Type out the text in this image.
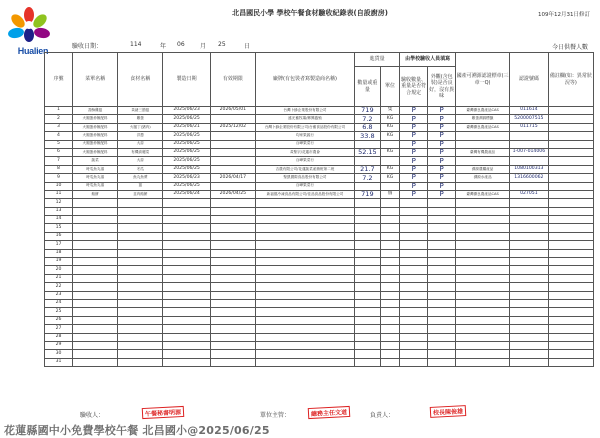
Hualien
北昌國民小學 學校午餐食材驗收紀錄表(自設廚房)	109年12月31日修訂
驗收日期：	114	年 06	月 25	日	今日供餐人數
序號	菜單名稱	食材名稱	製造日期	有效期限	廠牌(有包裝者寫製造商名稱)	進貨量		由學校驗收人員填寫		國產可溯源認證標章(三章一Q)	認證號碼	備註欄(如：異常狀況等)
						數量或重量	單位	驗收數量、重量是否符合規定	外觀(含包裝)是否良好，沒有異味			
1	香酥雞翅	黃豬三節翅	2025/06/23	2026/05/01	台灣卜蜂企業股份有限公司	719	隻	P	P	臺灣優良農產品CAS	011614	
2	火腿蛋炒飯配料	雞蛋	2025/06/25		盛光畜牧場/鄉興養殖	7.2	KG	P	P	雞蛋溯源標籤	5200007515	
3	火腿蛋炒飯配料	火腿丁(猪肉)	2025/06/21	2025/12/02	台灣卜蜂企業股份有限公司/台畜食品股份有限公司	6.8	KG	P	P	臺灣優良農產品CAS	011715	
4	火腿蛋炒飯配料	洋蔥	2025/06/25		均家果蔬行	33.8	KG	P	P			
5	火腿蛋炒飯配料	大蒜	2025/06/25		百峰果菜行			P	P			
6	火腿蛋炒飯配料	有機高麗菜	2025/06/25		黃聖宗/花蓮市農會	52.15	KG	P	P	臺灣有機農產品	1-007-014006	
7	蔬菜	大蒜	2025/06/25		百峰果菜行			P	P			
8	時瓜魚丸湯	冬瓜	2025/06/25		吉農有限公司/花蓮蔬菜產銷班第二班	21.7	KG	P	P	溯源農糧產品	1080100313	
9	時瓜魚丸湯	魚丸魚漿	2025/06/23	2026/04/17	聖凱國際食品股份有限公司	7.2	KG	P	P	溯源水產品	1316600062	
10	時瓜魚丸湯	薑	2025/06/25		百峰果菜行			P	P			
11	餡餅	韭肉餡餅	2025/06/24	2026/04/25	新福德冷凍食品有限公司/佳品食品股份有限公司	719	個	P	P	臺灣優良農產品CAS	027051	
12												
13												
14												
15												
16												
17												
18												
19												
20												
21												
22												
23												
24												
25												
26												
27												
28												
29												
30												
31												
驗收人：	午餐秘書明源	單位主管：	總務主任文道	負責人：	校長陳俊雄
花蓮縣國中小免費學校午餐 北昌國小@2025/06/25
